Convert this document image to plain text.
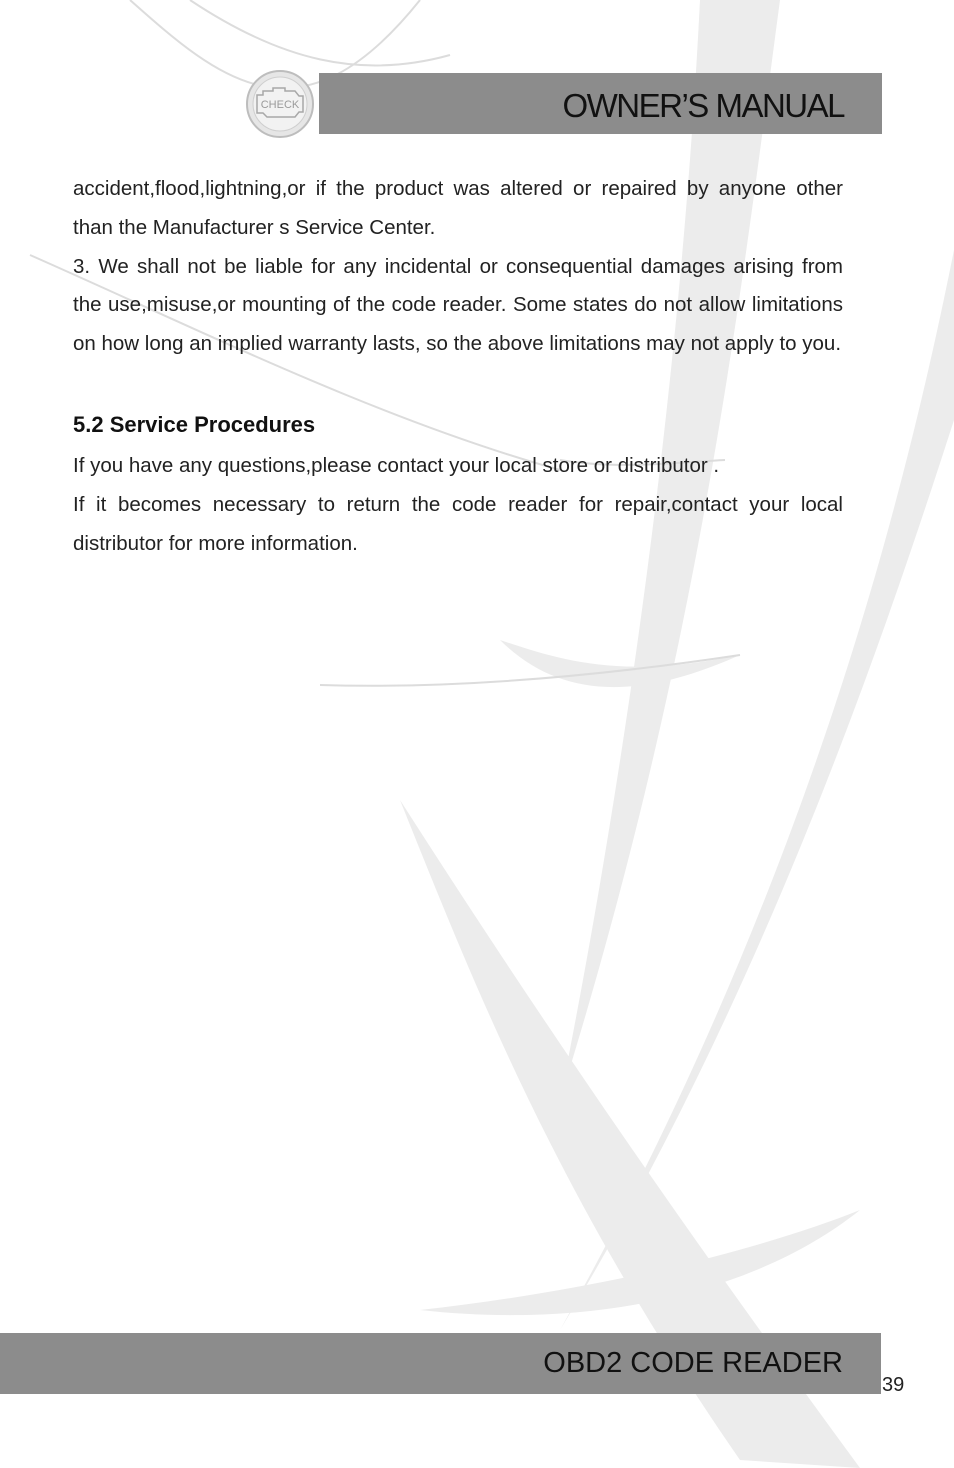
CHECK	OWNER’S MANUAL

accident,flood,lightning,or if the product was altered or repaired by anyone other than the Manufacturer s Service Center.

3. We shall not be liable for any incidental or consequential damages arising from the use,misuse,or mounting of the code reader. Some states do not allow limitations on how long an implied warranty lasts, so the above limitations may not apply to you.

5.2 Service Procedures

If you have any questions,please contact your local store or distributor .

If it becomes necessary to return the code reader for repair,contact your local distributor for more information.

OBD2 CODE READER
39
